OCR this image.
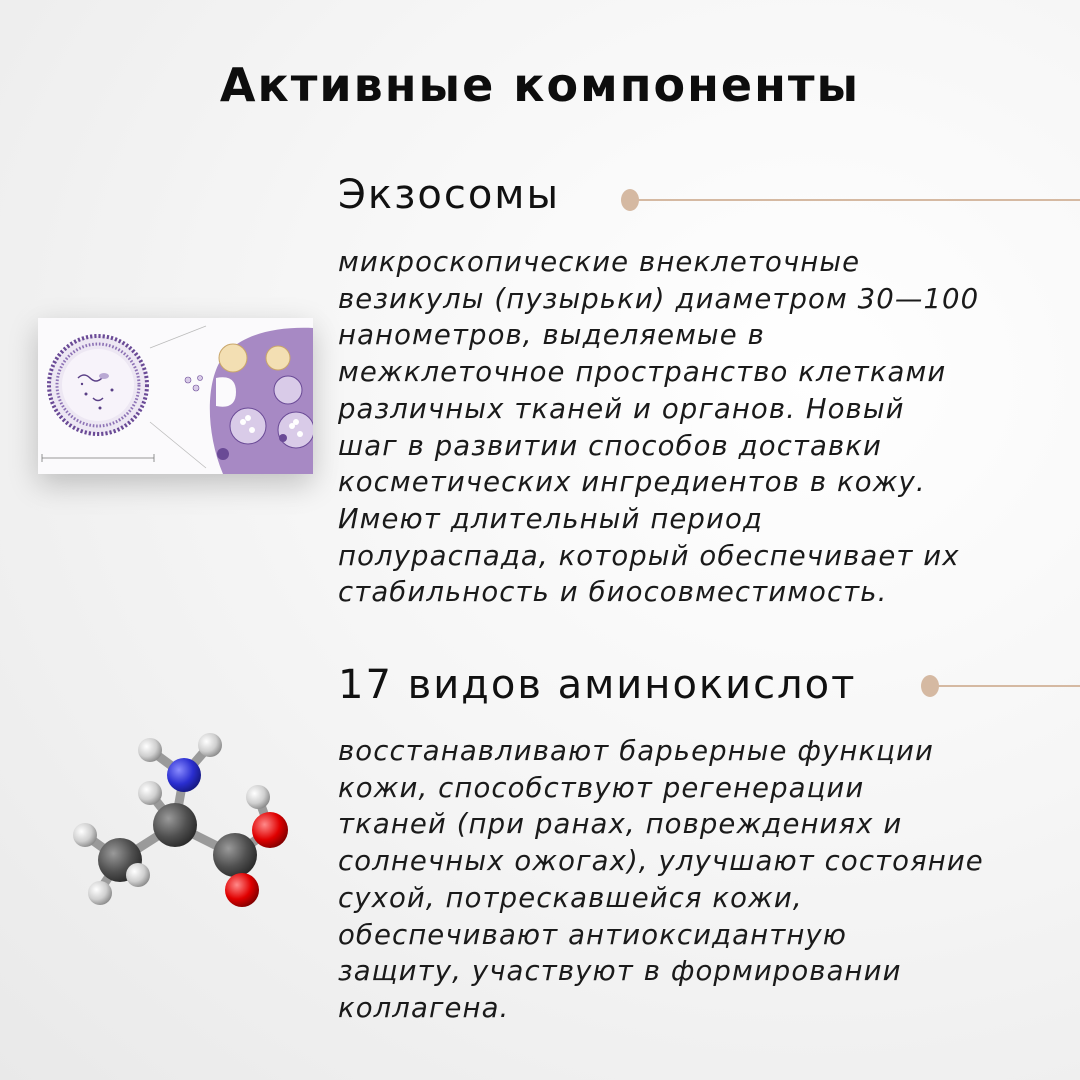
Активные компоненты
Экзосомы
микроскопические внеклеточные
везикулы (пузырьки) диаметром 30—100
нанометров, выделяемые в
межклеточное пространство клетками
различных тканей и органов. Новый
шаг в развитии способов доставки
косметических ингредиентов в кожу.
Имеют длительный период
полураспада, который обеспечивает их
стабильность и биосовместимость.
17 видов аминокислот
восстанавливают барьерные функции
кожи, способствуют регенерации
тканей (при ранах, повреждениях и
солнечных ожогах), улучшают состояние
сухой, потрескавшейся кожи,
обеспечивают антиоксидантную
защиту, участвуют в формировании
коллагена.
